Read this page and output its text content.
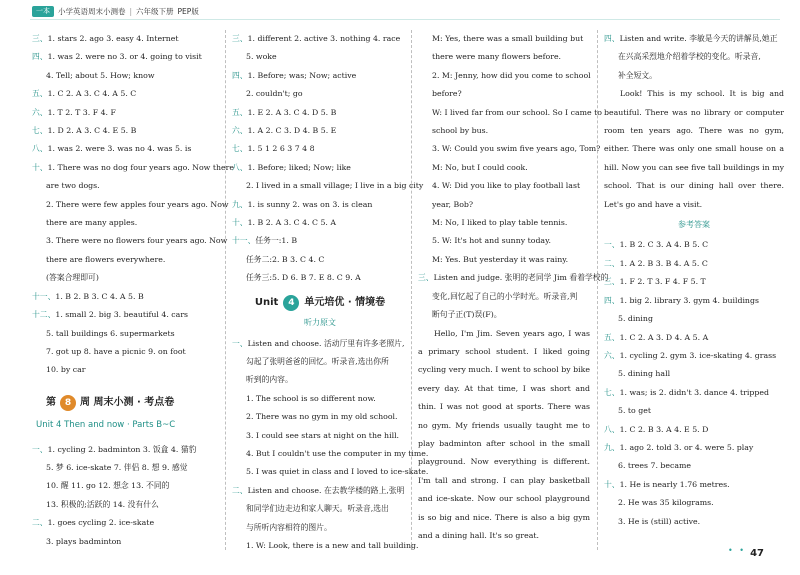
一本	小学英语周末小测卷 | 六年级下册 PEP版
三、1. stars 2. ago 3. easy 4. Internet
四、1. was 2. were no 3. or 4. going to visit
4. Tell; about 5. How; know
五、1. C 2. A 3. C 4. A 5. C
六、1. T 2. T 3. F 4. F
七、1. D 2. A 3. C 4. E 5. B
八、1. was 2. were 3. was no 4. was 5. is
十、1. There was no dog four years ago. Now there
are two dogs.
2. There were few apples four years ago. Now
there are many apples.
3. There were no flowers four years ago. Now
there are flowers everywhere.
(答案合理即可)
十一、1. B 2. B 3. C 4. A 5. B
十二、1. small 2. big 3. beautiful 4. cars
5. tall buildings 6. supermarkets
7. got up 8. have a picnic 9. on foot
10. by car
第 8 周 周末小测 · 考点卷
Unit 4 Then and now · Parts B~C
一、1. cycling 2. badminton 3. 饭盒 4. 猫豹
5. 梦 6. ice-skate 7. 伴侣 8. 想 9. 感觉
10. 醒 11. go 12. 想念 13. 不同的
13. 积极的;活跃的 14. 没有什么
二、1. goes cycling 2. ice-skate
3. plays badminton
三、1. different 2. active 3. nothing 4. race
5. woke
四、1. Before; was; Now; active
2. couldn't; go
五、1. E 2. A 3. C 4. D 5. B
六、1. A 2. C 3. D 4. B 5. E
七、1. 5 1 2 6 3 7 4 8
八、1. Before; liked; Now; like
2. I lived in a small village; I live in a big city
九、1. is sunny 2. was on 3. is clean
十、1. B 2. A 3. C 4. C 5. A
十一、任务一:1. B
任务二:2. B 3. C 4. C
任务三:5. D 6. B 7. E 8. C 9. A
Unit	4 单元培优 · 情境卷
听力原文
一、Listen and choose. 活动厅里有许多老照片,
勾起了张明爸爸的回忆。听录音,选出你所
听到的内容。
1. The school is so different now.
2. There was no gym in my old school.
3. I could see stars at night on the hill.
4. But I couldn't use the computer in my time.
5. I was quiet in class and I loved to ice-skate.
二、Listen and choose. 在去教学楼的路上,张明
和同学们边走边和家人聊天。听录音,选出
与所听内容相符的图片。
1. W: Look, there is a new and tall building.
M: Yes, there was a small building but
there were many flowers before.
2. M: Jenny, how did you come to school
before?
W: I lived far from our school. So I came to
school by bus.
3. W: Could you swim five years ago, Tom?
M: No, but I could cook.
4. W: Did you like to play football last
year, Bob?
M: No, I liked to play table tennis.
5. W: It's hot and sunny today.
M: Yes. But yesterday it was rainy.
三、Listen and judge. 张明的老同学 Jim 看着学校的
变化,回忆起了自己的小学时光。听录音,判
断句子正(T)误(F)。
Hello, I'm Jim. Seven years ago, I was a primary school student. I liked going cycling very much. I went to school by bike every day. At that time, I was short and thin. I was not good at sports. There was no gym. My friends usually taught me to play badminton after school in the small playground. Now everything is different. I'm tall and strong. I can play basketball and ice-skate. Now our school playground is so big and nice. There is also a big gym and a dining hall. It's so great.
四、Listen and write. 李敏是今天的讲解员,她正
在兴高采烈地介绍着学校的变化。听录音,
补全短文。
Look! This is my school. It is big and beautiful. There was no library or computer room ten years ago. There was no gym, either. There was only one small house on a hill. Now you can see five tall buildings in my school. That is our dining hall over there. Let's go and have a visit.
参考答案
一、1. B 2. C 3. A 4. B 5. C
二、1. A 2. B 3. B 4. A 5. C
三、1. F 2. T 3. F 4. F 5. T
四、1. big 2. library 3. gym 4. buildings
5. dining
五、1. C 2. A 3. D 4. A 5. A
六、1. cycling 2. gym 3. ice-skating 4. grass
5. dining hall
七、1. was; is 2. didn't 3. dance 4. tripped
5. to get
八、1. C 2. B 3. A 4. E 5. D
九、1. ago 2. told 3. or 4. were 5. play
6. trees 7. became
十、1. He is nearly 1.76 metres.
2. He was 35 kilograms.
3. He is (still) active.
• • 47
